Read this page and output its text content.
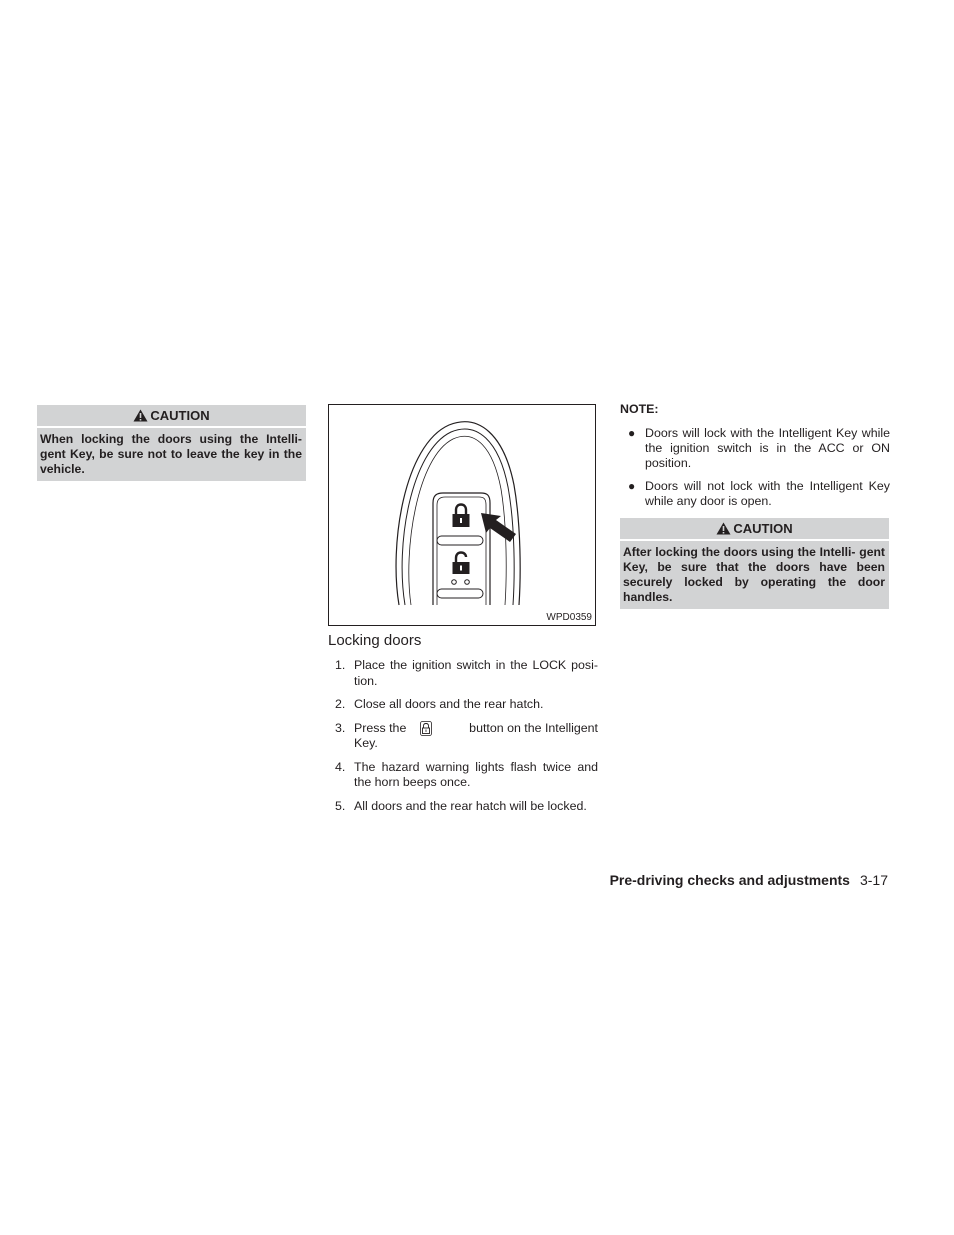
CAUTION
When locking the doors using the Intelli- gent Key, be sure not to leave the key in the vehicle.
WPD0359
Locking doors
1. Place the ignition switch in the LOCK posi- tion.
2. Close all doors and the rear hatch.
3. Press the	button on the Intelligent
Key.
4. The hazard warning lights flash twice and the horn beeps once.
5. All doors and the rear hatch will be locked.
NOTE:
● Doors will lock with the Intelligent Key while the ignition switch is in the ACC or ON position.
● Doors will not lock with the Intelligent Key while any door is open.
CAUTION
After locking the doors using the Intelli- gent Key, be sure that the doors have been securely locked by operating the door handles.
Pre-driving checks and adjustments 3-17
